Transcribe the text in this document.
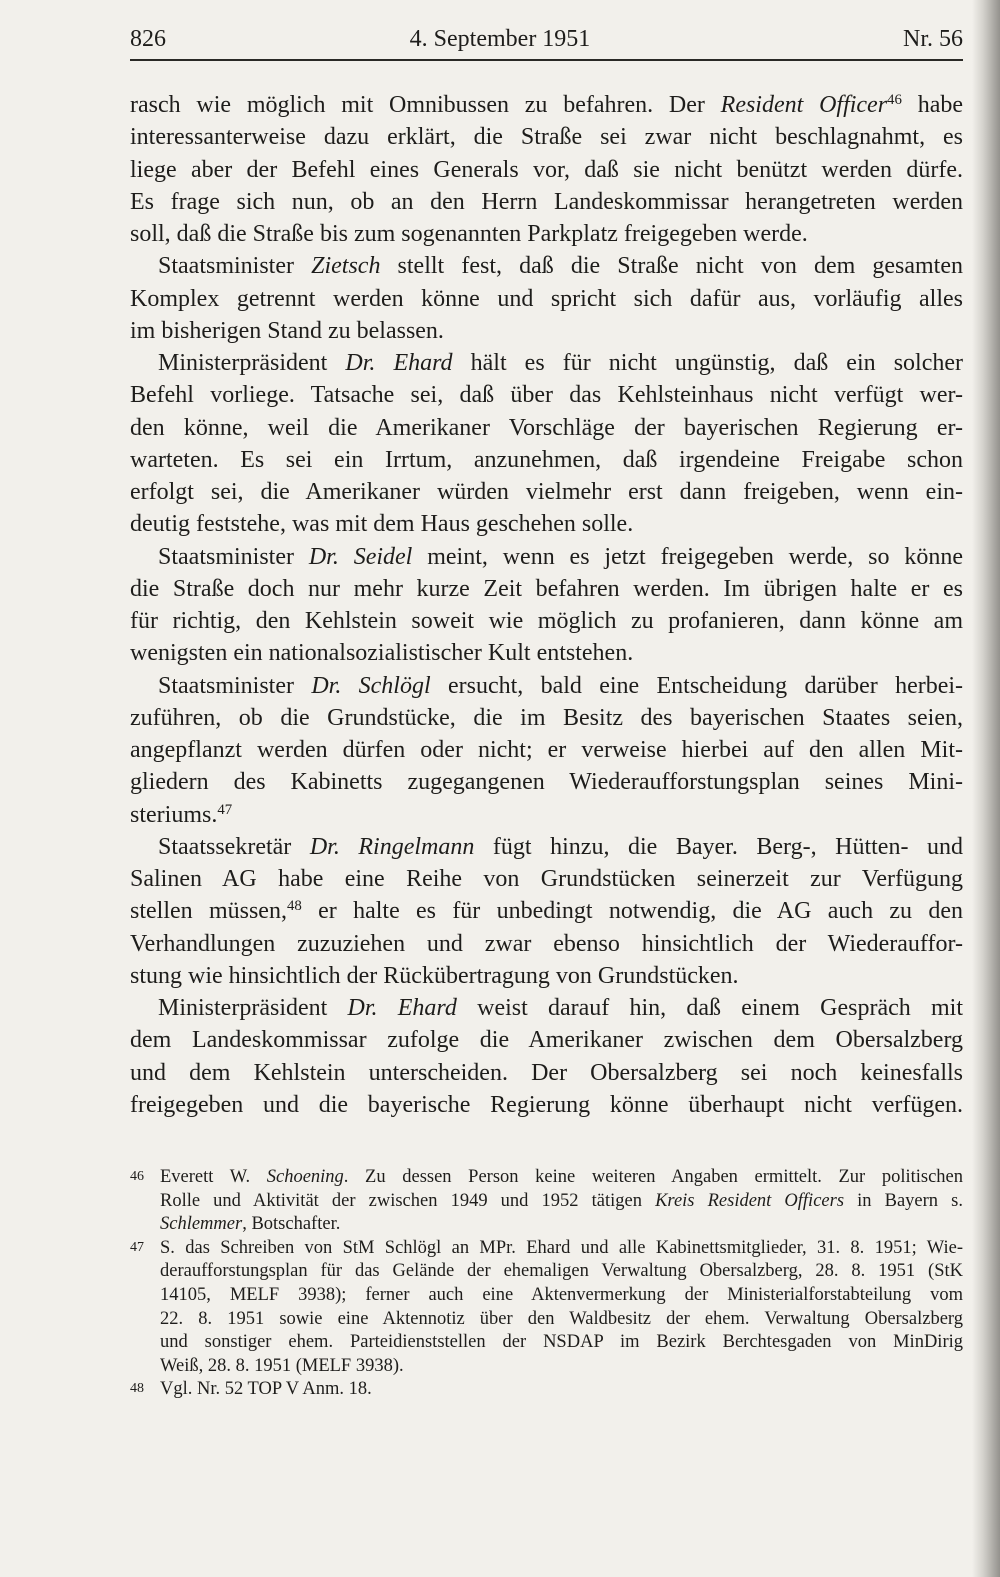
826	4. September 1951	Nr. 56
rasch wie möglich mit Omnibussen zu befahren. Der Resident Officer$^{46}$ habe
interessanterweise dazu erklärt, die Straße sei zwar nicht beschlagnahmt, es
liege aber der Befehl eines Generals vor, daß sie nicht benützt werden dürfe.
Es frage sich nun, ob an den Herrn Landeskommissar herangetreten werden
soll, daß die Straße bis zum sogenannten Parkplatz freigegeben werde.
Staatsminister Zietsch stellt fest, daß die Straße nicht von dem gesamten
Komplex getrennt werden könne und spricht sich dafür aus, vorläufig alles
im bisherigen Stand zu belassen.
Ministerpräsident Dr. Ehard hält es für nicht ungünstig, daß ein solcher
Befehl vorliege. Tatsache sei, daß über das Kehlsteinhaus nicht verfügt wer-
den könne, weil die Amerikaner Vorschläge der bayerischen Regierung er-
warteten. Es sei ein Irrtum, anzunehmen, daß irgendeine Freigabe schon
erfolgt sei, die Amerikaner würden vielmehr erst dann freigeben, wenn ein-
deutig feststehe, was mit dem Haus geschehen solle.
Staatsminister Dr. Seidel meint, wenn es jetzt freigegeben werde, so könne
die Straße doch nur mehr kurze Zeit befahren werden. Im übrigen halte er es
für richtig, den Kehlstein soweit wie möglich zu profanieren, dann könne am
wenigsten ein nationalsozialistischer Kult entstehen.
Staatsminister Dr. Schlögl ersucht, bald eine Entscheidung darüber herbei-
zuführen, ob die Grundstücke, die im Besitz des bayerischen Staates seien,
angepflanzt werden dürfen oder nicht; er verweise hierbei auf den allen Mit-
gliedern des Kabinetts zugegangenen Wiederaufforstungsplan seines Mini-
steriums.$^{47}$
Staatssekretär Dr. Ringelmann fügt hinzu, die Bayer. Berg-, Hütten- und
Salinen AG habe eine Reihe von Grundstücken seinerzeit zur Verfügung
stellen müssen,$^{48}$ er halte es für unbedingt notwendig, die AG auch zu den
Verhandlungen zuzuziehen und zwar ebenso hinsichtlich der Wiederauffor-
stung wie hinsichtlich der Rückübertragung von Grundstücken.
Ministerpräsident Dr. Ehard weist darauf hin, daß einem Gespräch mit
dem Landeskommissar zufolge die Amerikaner zwischen dem Obersalzberg
und dem Kehlstein unterscheiden. Der Obersalzberg sei noch keinesfalls
freigegeben und die bayerische Regierung könne überhaupt nicht verfügen.
46 Everett W. Schoening. Zu dessen Person keine weiteren Angaben ermittelt. Zur politischen
Rolle und Aktivität der zwischen 1949 und 1952 tätigen Kreis Resident Officers in Bayern s.
Schlemmer, Botschafter.
47 S. das Schreiben von StM Schlögl an MPr. Ehard und alle Kabinettsmitglieder, 31. 8. 1951; Wie-
deraufforstungsplan für das Gelände der ehemaligen Verwaltung Obersalzberg, 28. 8. 1951 (StK
14105, MELF 3938); ferner auch eine Aktenvermerkung der Ministerialforstabteilung vom
22. 8. 1951 sowie eine Aktennotiz über den Waldbesitz der ehem. Verwaltung Obersalzberg
und sonstiger ehem. Parteidienststellen der NSDAP im Bezirk Berchtesgaden von MinDirig
Weiß, 28. 8. 1951 (MELF 3938).
48 Vgl. Nr. 52 TOP V Anm. 18.
